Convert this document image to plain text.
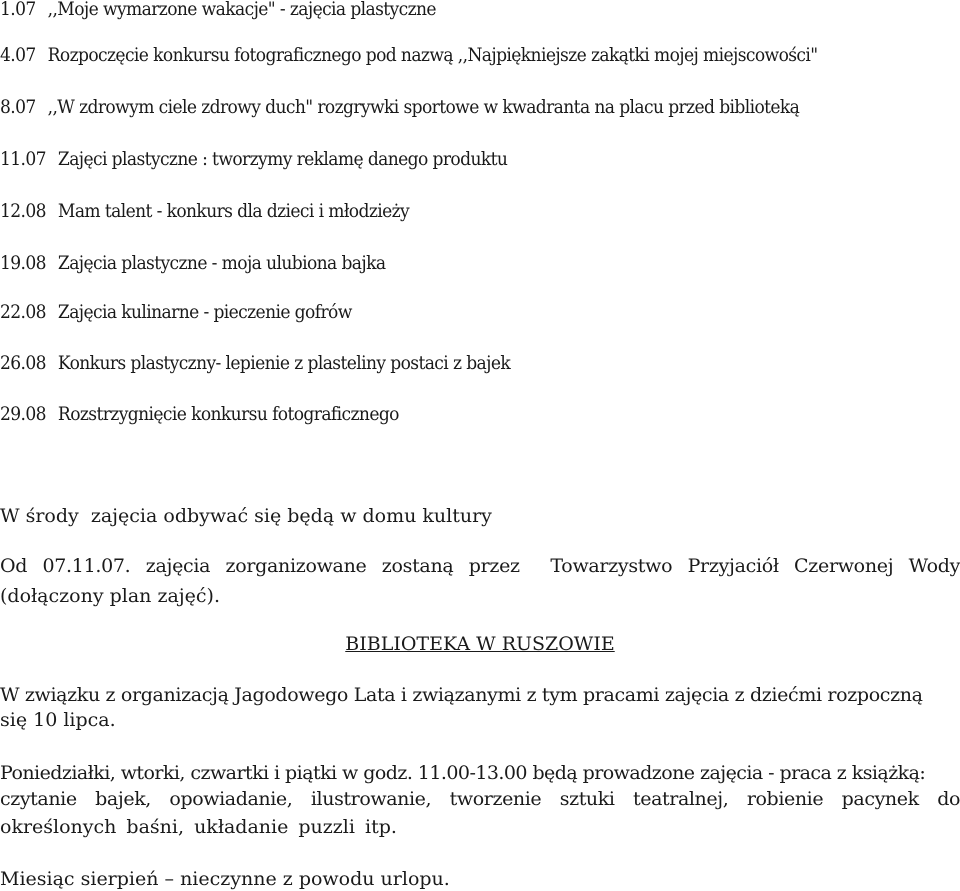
1.07 ,,Moje wymarzone wakacje" - zajęcia plastyczne
4.07 Rozpoczęcie konkursu fotograficznego pod nazwą ,,Najpiękniejsze zakątki mojej miejscowości"
8.07 ,,W zdrowym ciele zdrowy duch" rozgrywki sportowe w kwadranta na placu przed biblioteką
11.07 Zajęci plastyczne : tworzymy reklamę danego produktu
12.08 Mam talent - konkurs dla dzieci i młodzieży
19.08 Zajęcia plastyczne - moja ulubiona bajka
22.08 Zajęcia kulinarne - pieczenie gofrów
26.08 Konkurs plastyczny- lepienie z plasteliny postaci z bajek
29.08 Rozstrzygnięcie konkursu fotograficznego
W środy  zajęcia odbywać się będą w domu kultury
Od 07.11.07. zajęcia zorganizowane zostaną przez  Towarzystwo Przyjaciół Czerwonej Wody
(dołączony plan zajęć).
BIBLIOTEKA W RUSZOWIE
W związku z organizacją Jagodowego Lata i związanymi z tym pracami zajęcia z dziećmi rozpoczną
się 10 lipca.
Poniedziałki, wtorki, czwartki i piątki w godz. 11.00-13.00 będą prowadzone zajęcia - praca z książką:
czytanie bajek, opowiadanie, ilustrowanie, tworzenie sztuki teatralnej, robienie pacynek do
określonych baśni, układanie puzzli itp.
Miesiąc sierpień – nieczynne z powodu urlopu.
